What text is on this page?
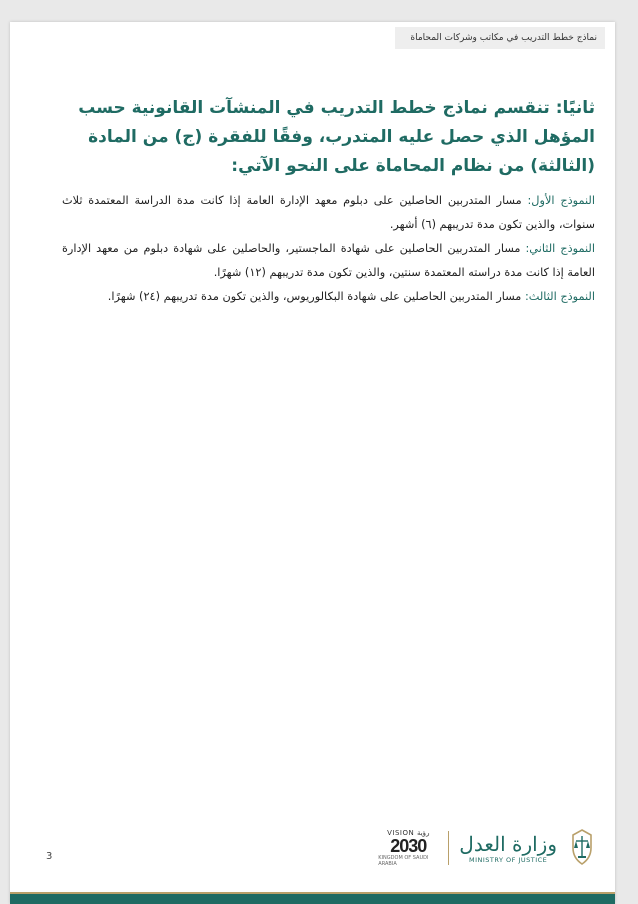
نماذج خطط التدريب في مكاتب وشركات المحاماة

ثانيًا: تنقسم نماذج خطط التدريب في المنشآت القانونية حسب المؤهل الذي حصل عليه المتدرب، وفقًا للفقرة (ج) من المادة (الثالثة) من نظام المحاماة على النحو الآتي:

النموذج الأول: مسار المتدربين الحاصلين على دبلوم معهد الإدارة العامة إذا كانت مدة الدراسة المعتمدة ثلاث سنوات، والذين تكون مدة تدريبهم (٦) أشهر.

النموذج الثاني: مسار المتدربين الحاصلين على شهادة الماجستير، والحاصلين على شهادة دبلوم من معهد الإدارة العامة إذا كانت مدة دراسته المعتمدة سنتين، والذين تكون مدة تدريبهم (١٢) شهرًا.

النموذج الثالث: مسار المتدربين الحاصلين على شهادة البكالوريوس، والذين تكون مدة تدريبهم (٢٤) شهرًا.

3
VISION رؤية
2030
KINGDOM OF SAUDI ARABIA
وزارة العدل
MINISTRY OF JUSTICE
